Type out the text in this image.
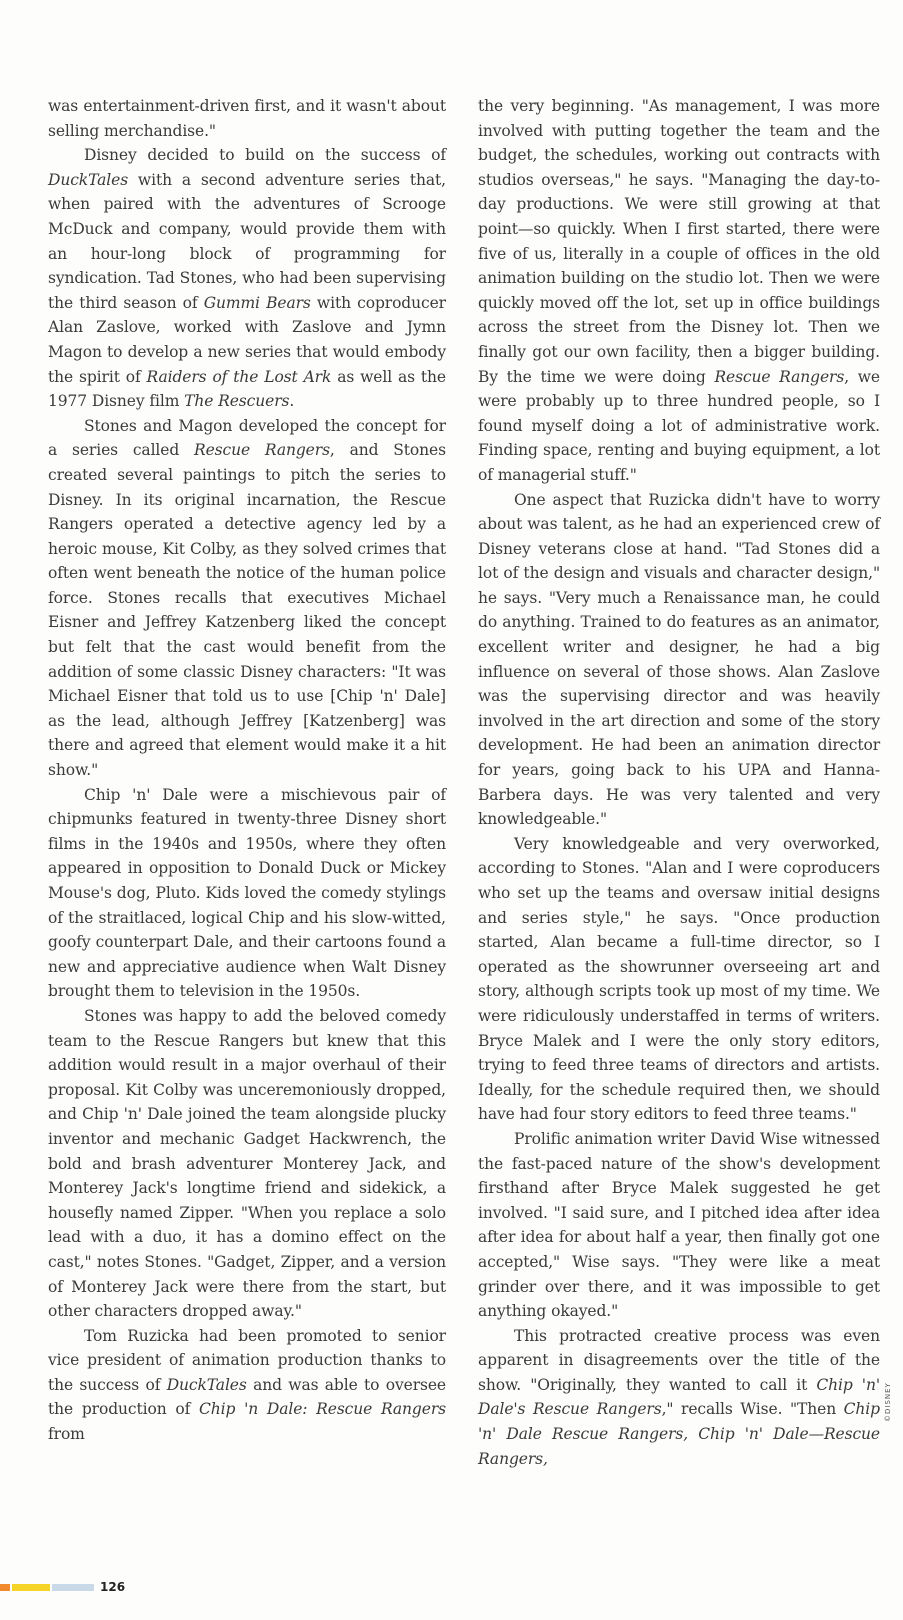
was entertainment-driven first, and it wasn't about selling merchandise."

Disney decided to build on the success of DuckTales with a second adventure series that, when paired with the adventures of Scrooge McDuck and company, would provide them with an hour-long block of programming for syndication. Tad Stones, who had been supervising the third season of Gummi Bears with coproducer Alan Zaslove, worked with Zaslove and Jymn Magon to develop a new series that would embody the spirit of Raiders of the Lost Ark as well as the 1977 Disney film The Rescuers.

Stones and Magon developed the concept for a series called Rescue Rangers, and Stones created several paintings to pitch the series to Disney. In its original incarnation, the Rescue Rangers operated a detective agency led by a heroic mouse, Kit Colby, as they solved crimes that often went beneath the notice of the human police force. Stones recalls that executives Michael Eisner and Jeffrey Katzenberg liked the concept but felt that the cast would benefit from the addition of some classic Disney characters: "It was Michael Eisner that told us to use [Chip 'n' Dale] as the lead, although Jeffrey [Katzenberg] was there and agreed that element would make it a hit show."

Chip 'n' Dale were a mischievous pair of chipmunks featured in twenty-three Disney short films in the 1940s and 1950s, where they often appeared in opposition to Donald Duck or Mickey Mouse's dog, Pluto. Kids loved the comedy stylings of the straitlaced, logical Chip and his slow-witted, goofy counterpart Dale, and their cartoons found a new and appreciative audience when Walt Disney brought them to television in the 1950s.

Stones was happy to add the beloved comedy team to the Rescue Rangers but knew that this addition would result in a major overhaul of their proposal. Kit Colby was unceremoniously dropped, and Chip 'n' Dale joined the team alongside plucky inventor and mechanic Gadget Hackwrench, the bold and brash adventurer Monterey Jack, and Monterey Jack's longtime friend and sidekick, a housefly named Zipper. "When you replace a solo lead with a duo, it has a domino effect on the cast," notes Stones. "Gadget, Zipper, and a version of Monterey Jack were there from the start, but other characters dropped away."

Tom Ruzicka had been promoted to senior vice president of animation production thanks to the success of DuckTales and was able to oversee the production of Chip 'n Dale: Rescue Rangers from

the very beginning. "As management, I was more involved with putting together the team and the budget, the schedules, working out contracts with studios overseas," he says. "Managing the day-to-day productions. We were still growing at that point—so quickly. When I first started, there were five of us, literally in a couple of offices in the old animation building on the studio lot. Then we were quickly moved off the lot, set up in office buildings across the street from the Disney lot. Then we finally got our own facility, then a bigger building. By the time we were doing Rescue Rangers, we were probably up to three hundred people, so I found myself doing a lot of administrative work. Finding space, renting and buying equipment, a lot of managerial stuff."

One aspect that Ruzicka didn't have to worry about was talent, as he had an experienced crew of Disney veterans close at hand. "Tad Stones did a lot of the design and visuals and character design," he says. "Very much a Renaissance man, he could do anything. Trained to do features as an animator, excellent writer and designer, he had a big influence on several of those shows. Alan Zaslove was the supervising director and was heavily involved in the art direction and some of the story development. He had been an animation director for years, going back to his UPA and Hanna-Barbera days. He was very talented and very knowledgeable."

Very knowledgeable and very overworked, according to Stones. "Alan and I were coproducers who set up the teams and oversaw initial designs and series style," he says. "Once production started, Alan became a full-time director, so I operated as the showrunner overseeing art and story, although scripts took up most of my time. We were ridiculously understaffed in terms of writers. Bryce Malek and I were the only story editors, trying to feed three teams of directors and artists. Ideally, for the schedule required then, we should have had four story editors to feed three teams."

Prolific animation writer David Wise witnessed the fast-paced nature of the show's development firsthand after Bryce Malek suggested he get involved. "I said sure, and I pitched idea after idea after idea for about half a year, then finally got one accepted," Wise says. "They were like a meat grinder over there, and it was impossible to get anything okayed."

This protracted creative process was even apparent in disagreements over the title of the show. "Originally, they wanted to call it Chip 'n' Dale's Rescue Rangers," recalls Wise. "Then Chip 'n' Dale Rescue Rangers, Chip 'n' Dale—Rescue Rangers,

©DISNEY
126
